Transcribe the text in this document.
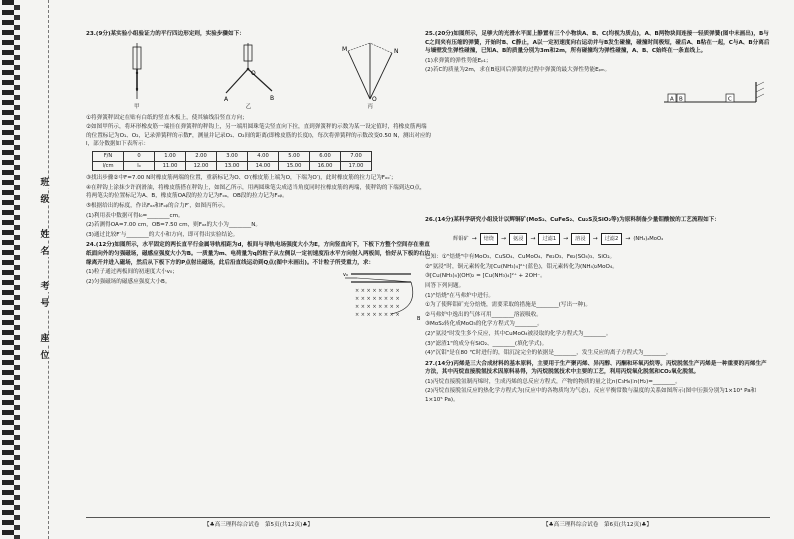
班
级
姓
名
考
号
座
位

23.(9分)某实验小组验证力的平行四边形定则，实验步骤如下：

甲
A	B
O
乙
M	N
O
丙

①将弹簧秤固定在贴有白纸的竖直木板上，使其轴线沿竖直方向；

②如图甲所示，将环形橡皮筋一端挂在弹簧秤的秤钩上，另一端用圆珠笔尖竖直向下拉，直到弹簧秤的示数为某一设定值时，将橡皮筋两端的位置标记为O₁、O₂，记录弹簧秤的示数F，测量并记录O₁、O₂间的距离(即橡皮筋的长度l)，每次将弹簧秤的示数改变0.50 N，测出对应的l，部分数据如下表所示：

F/N	0	1.00	2.00	3.00	4.00	5.00	6.00	7.00
l/cm	l₀	11.00	12.00	13.00	14.00	15.00	16.00	17.00

③找出步骤②中F=7.00 N时橡皮筋两端的位置，重新标记为O、O′(橡皮筋上端为O，下端为O′)，此时橡皮筋的拉力记为Fₒₒ′；

④在秤钩上涂抹少许润滑油，将橡皮筋搭在秤钩上，如图乙所示，用两圆珠笔尖成适当角度同时拉橡皮筋的两端，使秤钩的下端到达O点，将两笔尖的位置标记为A、B，橡皮筋OA段的拉力记为Fₒₐ，OB段的拉力记为Fₒᵦ。

⑤根据给出的标度，作出Fₒₐ和Fₒᵦ的合力F′，如图丙所示。

(1)利用表中数据可得l₀=________cm。

(2)若测得OA=7.00 cm，OB=7.50 cm，则Fₒₐ的大小为________N。

(3)通过比较F′与________的大小和方向，即可得出实验结论。

24.(12分)如图所示，水平固定的两长直平行金属导轨相距为d，板间与导轨电场强度大小为E，方向竖直向下，下板下方整个空间存在垂直纸面向外的匀强磁场，磁感应强度大小为B。一质量为m、电荷量为q的粒子从左侧以一定初速度沿水平方向射入两板间，恰好从下板的右边缘离开并进入磁场，然后从下板下方的P点射出磁场，此后沿直线运动到Q点(图中未画出)。不计粒子所受重力，求：

(1)粒子通过两板间的初速度大小v₀；

(2)匀强磁场的磁感应强度大小B。

× × × × × × × ×
× × × × × × × ×
× × × × × × × ×
× × × × × × × ×
v₀
B
【♣高三理科综合试卷　第5页(共12页)♣】

25.(20分)如图所示，足够大的光滑水平面上静置有三个小物块A、B、C(均视为质点)，A、B两物块间连接一轻质弹簧(图中未画出)，B与C之间夹有压缩的弹簧，开始时B、C静止，A以一定初速度向右运动并与B发生碰撞，碰撞时间极短，碰后A、B粘在一起，C与A、B分离后与墙壁发生弹性碰撞，已知A、B的质量分别为3m和2m，所有碰撞均为弹性碰撞，A、B、C始终在一条直线上。

(1)求弹簧的弹性势能Eₚ₁；

(2)若C的质量为2m，求在B返回后弹簧的过程中弹簧的最大弹性势能Eₚₘ。

A B	C

26.(14分)某科学研究小组设计以辉铜矿(MoS₂、CuFeS₂、Cu₂S及SiO₂等)为原料制备少量钼酸铵的工艺流程如下：

辉钼矿 →	焙烧	→	氨浸	→	过滤1	→	溶浸	→	过滤2	→ (NH₄)₂MoO₄

已知：①"焙烧"中有MoO₃、CuSO₄、CuMoO₄、Fe₂O₃、Fe₂(SO₄)₃、SiO₂。

②"氨浸"时，铜元素转化为[Cu(NH₃)₄]²⁺(蓝色)，钼元素转化为(NH₄)₂MoO₄。

③[Cu(NH₃)₄](OH)₂ = [Cu(NH₃)₄]²⁺ + 2OH⁻。

回答下列问题。

(1)"焙烧"在马弗炉中进行。

①为了使辉钼矿充分焙烧，需要采取的措施是________(写出一种)。

②马弗炉中逸出的气体可用________溶液吸收。

③MoS₂转化成MoO₃的化学方程式为________。

(2)"氨浸"时发生多个反应，其中CuMoO₄被浸取的化学方程式为________。

(3)"滤渣1"的成分有SiO₂、________(填化学式)。

(4)"沉钼"是在80 ℃时进行的，钼沉淀完全的依据是________，发生反应的离子方程式为________。

27.(14分)丙烯是三大合成材料的基本原料，主要用于生产聚丙烯、异丙醇、丙酮和环氧丙烷等。丙烷脱氢生产丙烯是一种重要的丙烯生产方法，其中丙烷直接脱氢技术因原料易得，为丙烷脱氢技术中主要的工艺，利用丙烷氧化脱氢和CO₂氧化脱氢。

(1)丙烷直接脱氢制丙烯时，生成丙烯的总反应方程式，产物的物质的量之比n(C₃H₆)∶n(H₂)=________。

(2)丙烷直接脱氢反应的热化学方程式为(反应中的各物质均为气态)，反应平衡常数与温度的关系如图所示(图中压强分别为1×10⁴ Pa和1×10⁵ Pa)。

【♣高三理科综合试卷　第6页(共12页)♣】
